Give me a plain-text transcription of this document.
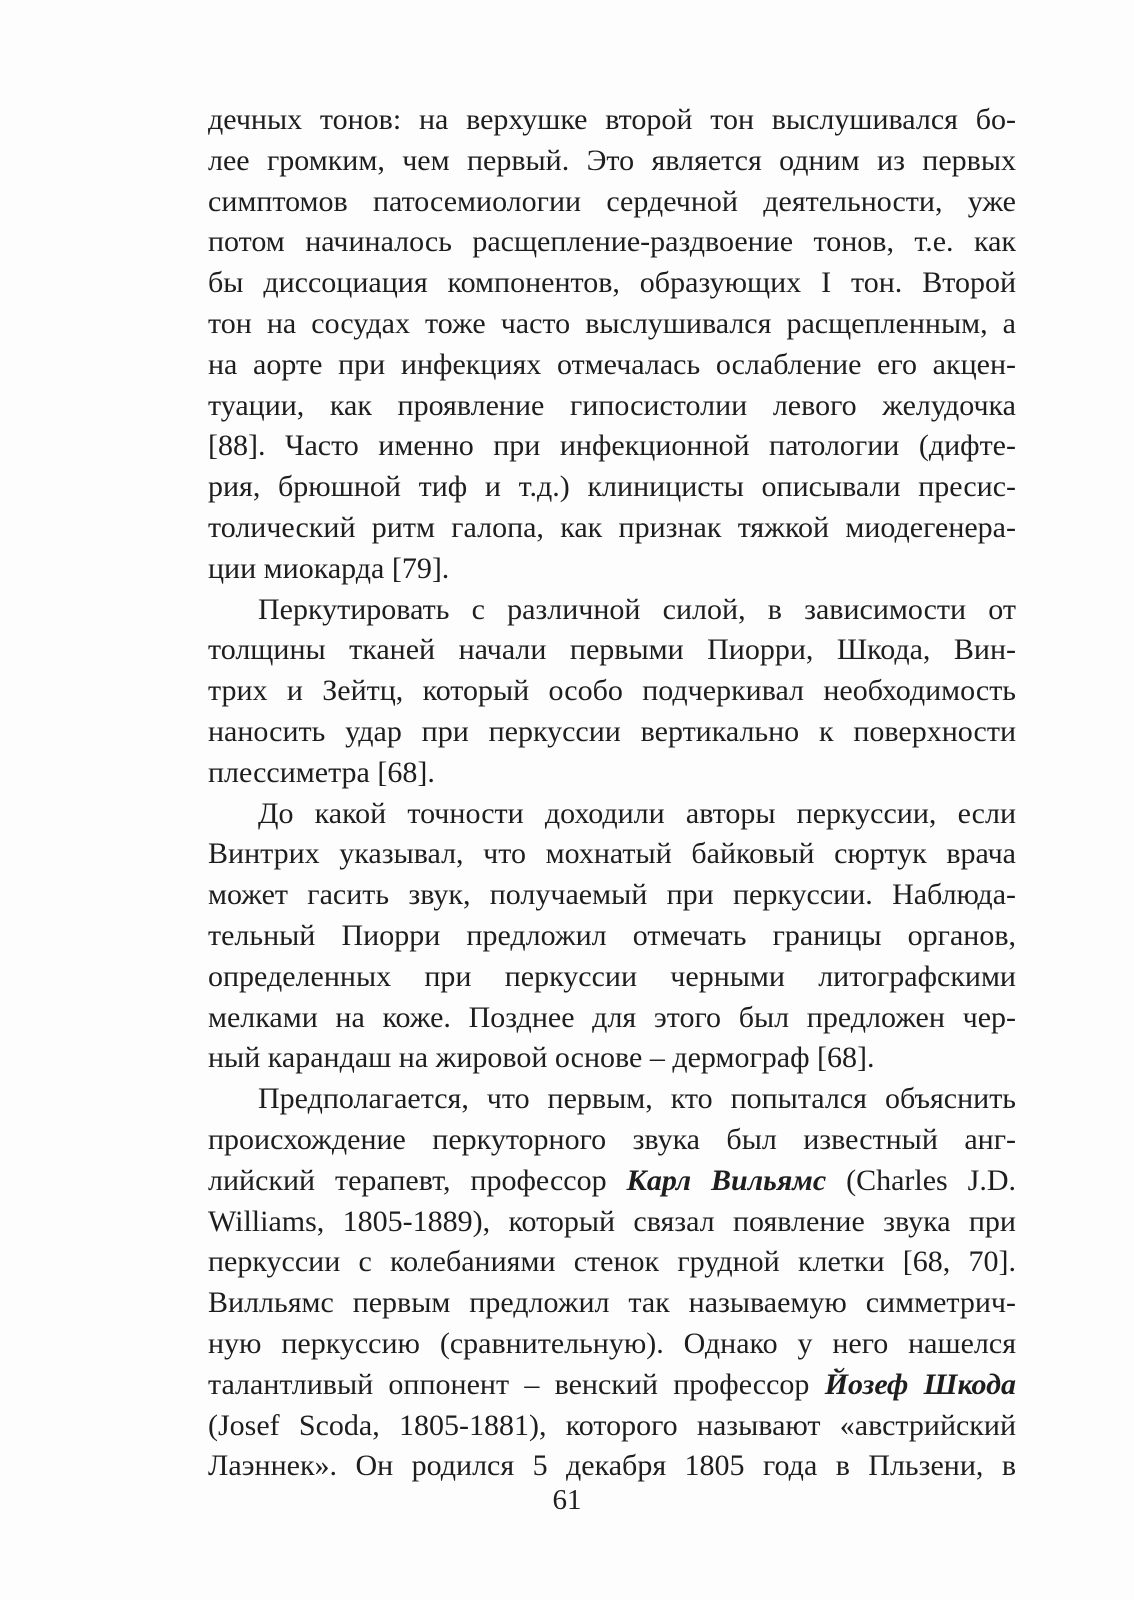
дечных тонов: на верхушке второй тон выслушивался бо-
лее громким, чем первый. Это является одним из первых
симптомов патосемиологии сердечной деятельности, уже
потом начиналось расщепление-раздвоение тонов, т.е. как
бы диссоциация компонентов, образующих I тон. Второй
тон на сосудах тоже часто выслушивался расщепленным, а
на аорте при инфекциях отмечалась ослабление его акцен-
туации, как проявление гипосистолии левого желудочка
[88]. Часто именно при инфекционной патологии (дифте-
рия, брюшной тиф и т.д.) клиницисты описывали пресис-
толический ритм галопа, как признак тяжкой миодегенера-
ции миокарда [79].
Перкутировать с различной силой, в зависимости от
толщины тканей начали первыми Пиорри, Шкода, Вин-
трих и Зейтц, который особо подчеркивал необходимость
наносить удар при перкуссии вертикально к поверхности
плессиметра [68].
До какой точности доходили авторы перкуссии, если
Винтрих указывал, что мохнатый байковый сюртук врача
может гасить звук, получаемый при перкуссии. Наблюда-
тельный Пиорри предложил отмечать границы органов,
определенных при перкуссии черными литографскими
мелками на коже. Позднее для этого был предложен чер-
ный карандаш на жировой основе – дермограф [68].
Предполагается, что первым, кто попытался объяснить
происхождение перкуторного звука был известный анг-
лийский терапевт, профессор Карл Вильямс (Charles J.D.
Williams, 1805-1889), который связал появление звука при
перкуссии с колебаниями стенок грудной клетки [68, 70].
Вилльямс первым предложил так называемую симметрич-
ную перкуссию (сравнительную). Однако у него нашелся
талантливый оппонент – венский профессор Йозеф Шкода
(Josef Scoda, 1805-1881), которого называют «австрийский
Лаэннек». Он родился 5 декабря 1805 года в Пльзени, в
61
